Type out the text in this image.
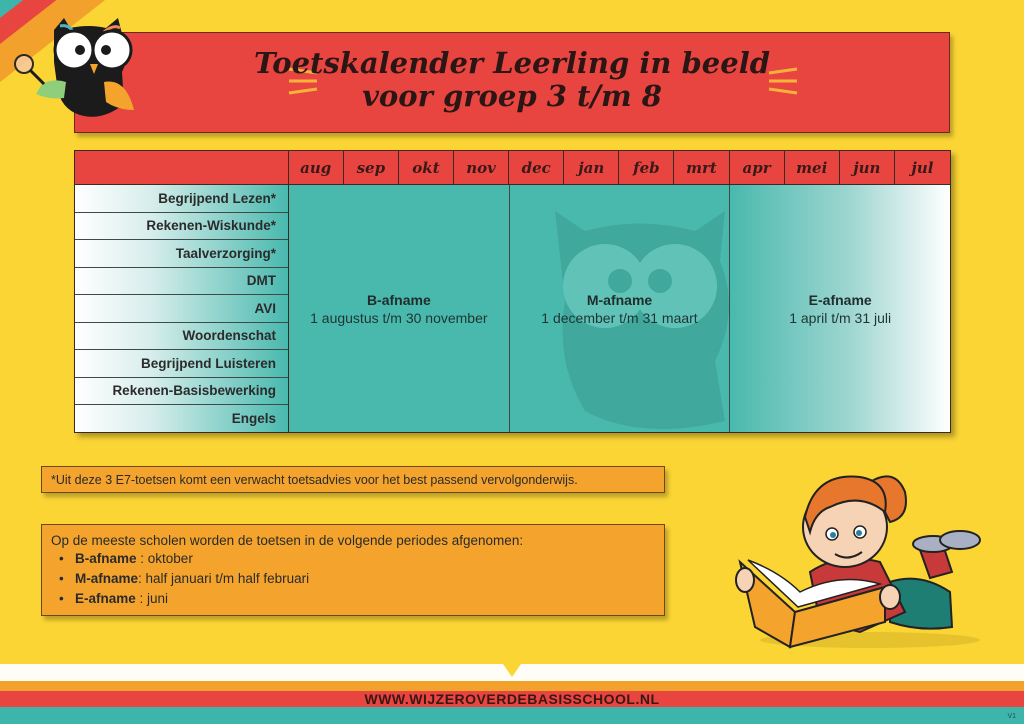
Toetskalender Leerling in beeld
voor groep 3 t/m 8
aug	sep	okt	nov	dec	jan	feb	mrt	apr	mei	jun	jul
Begrijpend Lezen*
Rekenen-Wiskunde*
Taalverzorging*
DMT
AVI
Woordenschat
Begrijpend Luisteren
Rekenen-Basisbewerking
Engels
B-afname
1 augustus t/m 30 november
M-afname
1 december t/m 31 maart
E-afname
1 april t/m 31 juli
*Uit deze 3 E7-toetsen komt een verwacht toetsadvies voor het best passend vervolgonderwijs.
Op de meeste scholen worden de toetsen in de volgende periodes afgenomen:
• B-afname : oktober
• M-afname: half januari t/m half februari
• E-afname : juni
WWW.WIJZEROVERDEBASISSCHOOL.NL
V1
